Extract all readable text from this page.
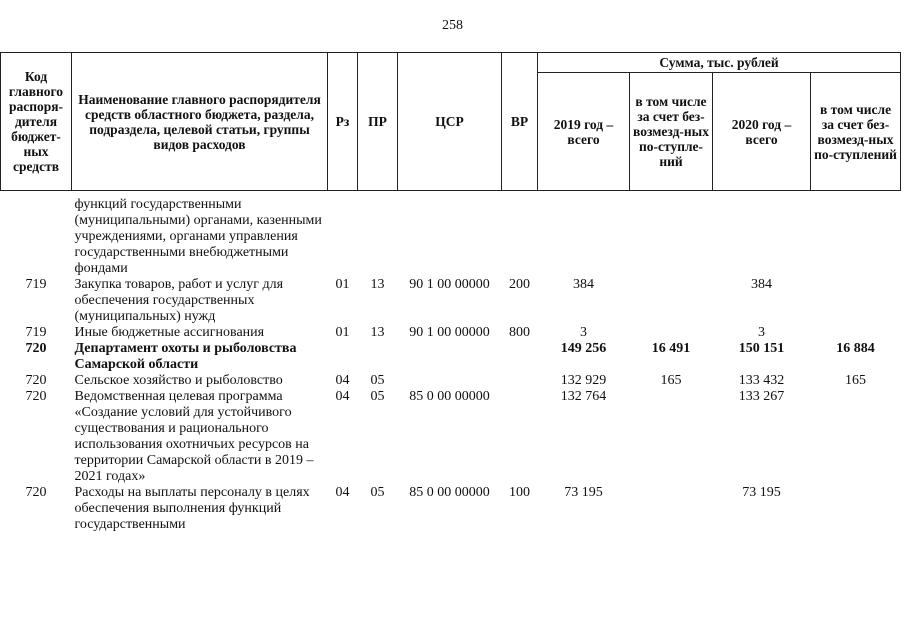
258
Код главного распоря-дителя бюджет-ных средств	Наименование главного распорядителя средств областного бюджета, раздела, подраздела, целевой статьи, группы видов расходов	Рз	ПР	ЦСР	ВР	Сумма, тыс. рублей			
						2019 год – всего	в том числе за счет без-возмезд-ных по-ступле-ний	2020 год – всего	в том числе за счет без-возмезд-ных по-ступлений

	функций государственными (муниципальными) органами, казенными учреждениями, органами управления государственными внебюджетными фондами								
719	Закупка товаров, работ и услуг для обеспечения государственных (муниципальных) нужд	01	13	90 1 00 00000	200	384		384	
719	Иные бюджетные ассигнования	01	13	90 1 00 00000	800	3		3	
720	Департамент охоты и рыболовства Самарской области					149 256	16 491	150 151	16 884
720	Сельское хозяйство и рыболовство	04	05			132 929	165	133 432	165
720	Ведомственная целевая программа «Создание условий для устойчивого существования и рационального использования охотничьих ресурсов на территории Самарской области в 2019 – 2021 годах»	04	05	85 0 00 00000		132 764		133 267	
720	Расходы на выплаты персоналу в целях обеспечения выполнения функций государственными	04	05	85 0 00 00000	100	73 195		73 195	
